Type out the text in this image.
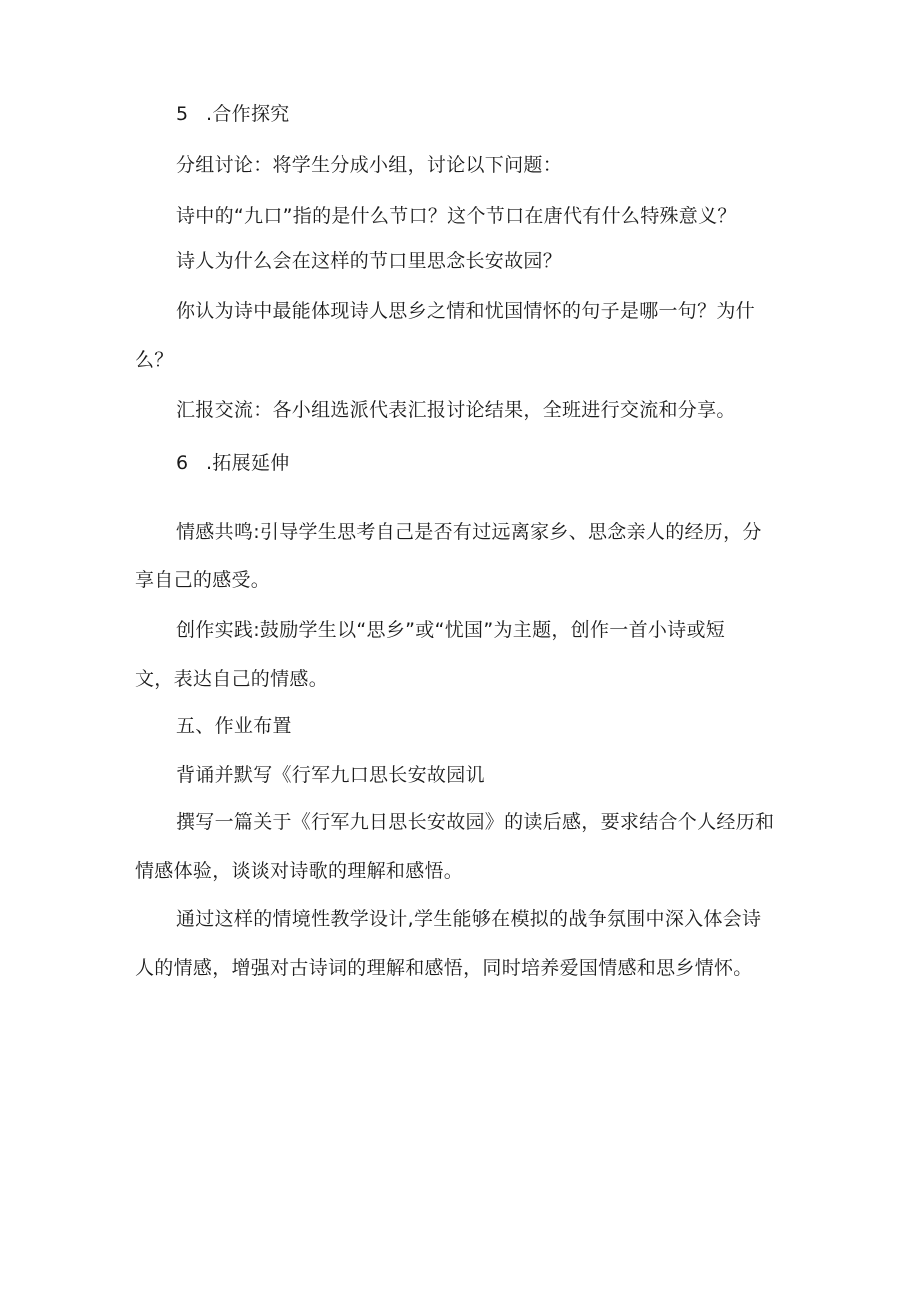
5 .合作探究
分组讨论：将学生分成小组，讨论以下问题：
诗中的“九口”指的是什么节口？这个节口在唐代有什么特殊意义？
诗人为什么会在这样的节口里思念长安故园？
你认为诗中最能体现诗人思乡之情和忧国情怀的句子是哪一句？为什
么？
汇报交流：各小组选派代表汇报讨论结果，全班进行交流和分享。
6 .拓展延伸
情感共鸣:引导学生思考自己是否有过远离家乡、思念亲人的经历，分
享自己的感受。
创作实践:鼓励学生以“思乡”或“忧国”为主题，创作一首小诗或短
文，表达自己的情感。
五、作业布置
背诵并默写《行军九口思长安故园讥
撰写一篇关于《行军九日思长安故园》的读后感，要求结合个人经历和
情感体验，谈谈对诗歌的理解和感悟。
通过这样的情境性教学设计,学生能够在模拟的战争氛围中深入体会诗
人的情感，增强对古诗词的理解和感悟，同时培养爱国情感和思乡情怀。
